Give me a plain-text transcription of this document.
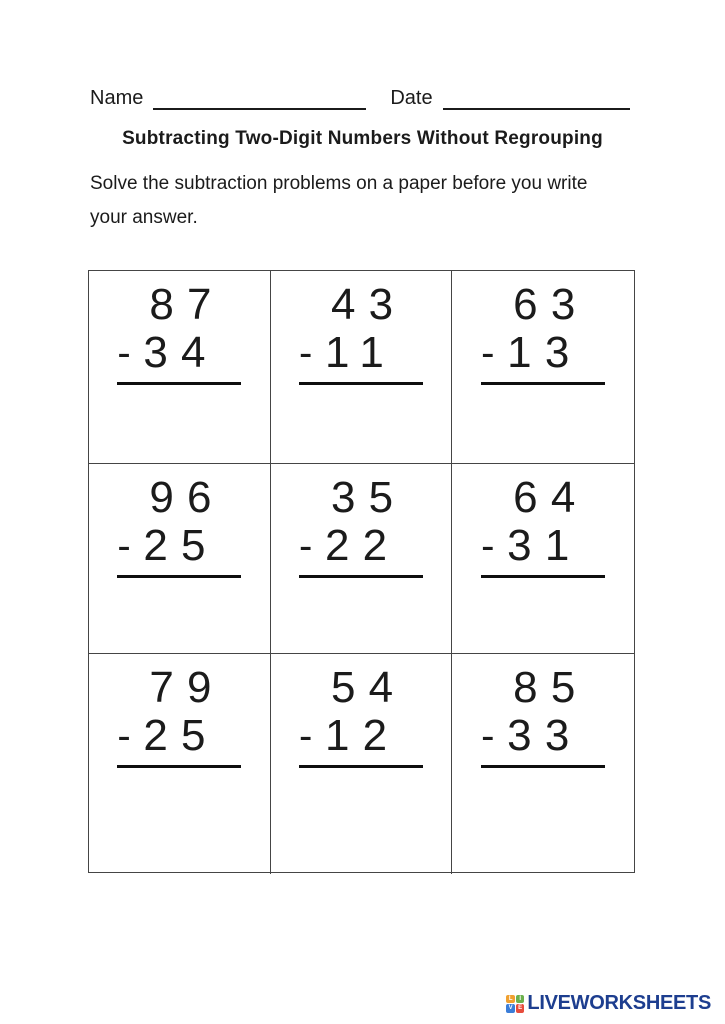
Name	Date
Subtracting Two-Digit Numbers Without Regrouping
Solve the subtraction problems on a paper before you write
your answer.
87
- 34
43
- 11
63
- 13
96
- 25
35
- 22
64
- 31
79
- 25
54
- 12
85
- 33
L	I
V E LIVEWORKSHEETS
